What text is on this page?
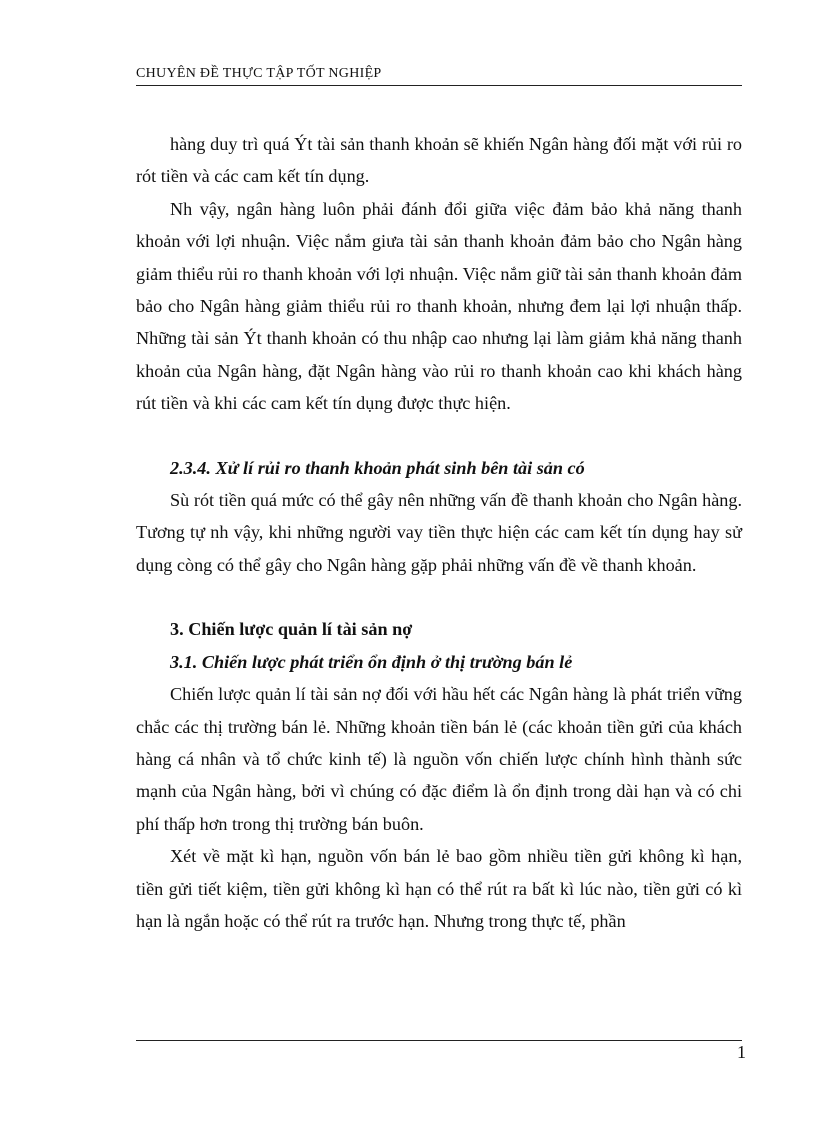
CHUYÊN ĐỀ THỰC TẬP TỐT NGHIỆP

hàng duy trì quá Ýt tài sản thanh khoản sẽ khiến Ngân hàng đối mặt với rủi ro rót tiền và các cam kết tín dụng.

Nh vậy, ngân hàng luôn phải đánh đổi giữa việc đảm bảo khả năng thanh khoản với lợi nhuận. Việc nắm giưa tài sản thanh khoản đảm bảo cho Ngân hàng giảm thiểu rủi ro thanh khoản với lợi nhuận. Việc nắm giữ tài sản thanh khoản đảm bảo cho Ngân hàng giảm thiểu rủi ro thanh khoản, nhưng đem lại lợi nhuận thấp. Những tài sản Ýt thanh khoản có thu nhập cao nhưng lại làm giảm khả năng thanh khoản của Ngân hàng, đặt Ngân hàng vào rủi ro thanh khoản cao khi khách hàng rút tiền và khi các cam kết tín dụng được thực hiện.

2.3.4. Xử lí rủi ro thanh khoản phát sinh bên tài sản có

Sù rót tiền quá mức có thể gây nên những vấn đề thanh khoản cho Ngân hàng. Tương tự nh vậy, khi những người vay tiền thực hiện các cam kết tín dụng hay sử dụng còng có thể gây cho Ngân hàng gặp phải những vấn đề về thanh khoản.

3. Chiến lược quản lí tài sản nợ
3.1. Chiến lược phát triển ổn định ở thị trường bán lẻ

Chiến lược quản lí tài sản nợ đối với hầu hết các Ngân hàng là phát triển vững chắc các thị trường bán lẻ. Những khoản tiền bán lẻ (các khoản tiền gửi của khách hàng cá nhân và tổ chức kinh tế) là nguồn vốn chiến lược chính hình thành sức mạnh của Ngân hàng, bởi vì chúng có đặc điểm là ổn định trong dài hạn và có chi phí thấp hơn trong thị trường bán buôn.

Xét về mặt kì hạn, nguồn vốn bán lẻ bao gồm nhiều tiền gửi không kì hạn, tiền gửi tiết kiệm, tiền gửi không kì hạn có thể rút ra bất kì lúc nào, tiền gửi có kì hạn là ngắn hoặc có thể rút ra trước hạn. Nhưng trong thực tế, phần

1
